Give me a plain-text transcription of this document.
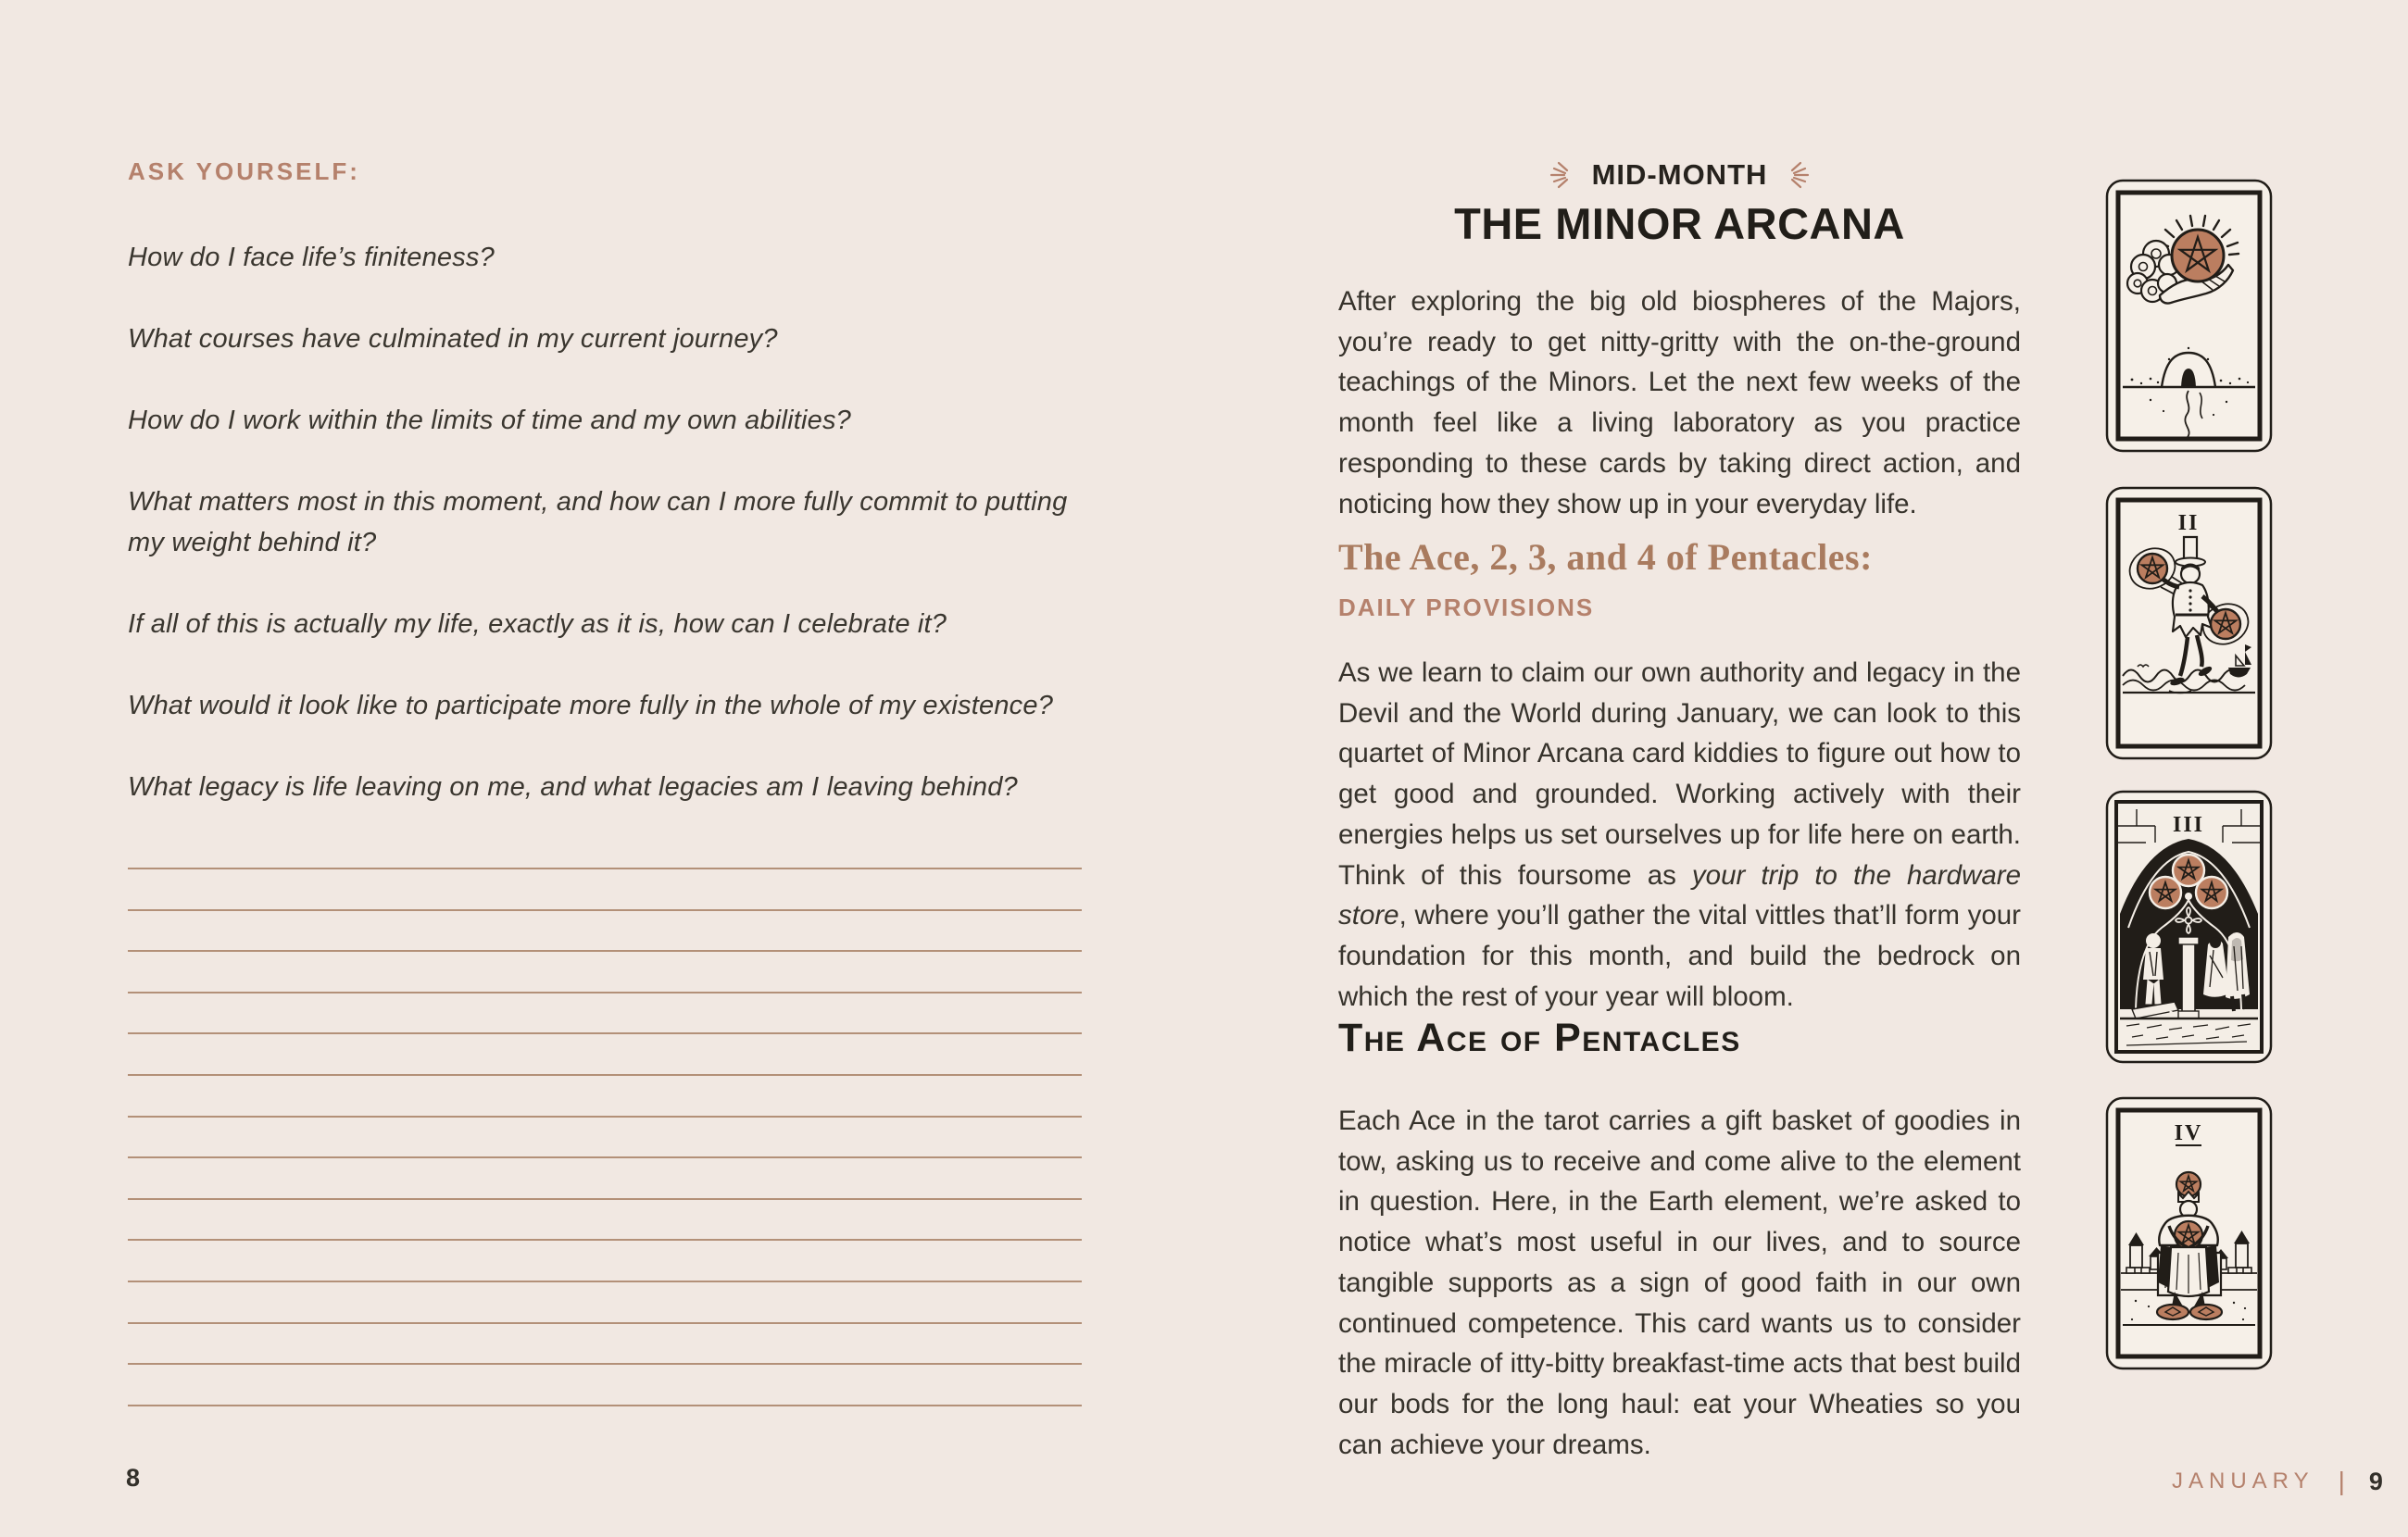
ASK YOURSELF:

How do I face life’s finiteness?

What courses have culminated in my current journey?

How do I work within the limits of time and my own abilities?

What matters most in this moment, and how can I more fully commit to putting my weight behind it?

If all of this is actually my life, exactly as it is, how can I celebrate it?

What would it look like to participate more fully in the whole of my existence?

What legacy is life leaving on me, and what legacies am I leaving behind?

8
MID-MONTH
THE MINOR ARCANA

After exploring the big old biospheres of the Majors, you’re ready to get nitty-gritty with the on-the-ground teachings of the Minors. Let the next few weeks of the month feel like a living laboratory as you practice responding to these cards by taking direct action, and noticing how they show up in your everyday life.

The Ace, 2, 3, and 4 of Pentacles:
DAILY PROVISIONS

As we learn to claim our own authority and legacy in the Devil and the World during January, we can look to this quartet of Minor Arcana card kiddies to figure out how to get good and grounded. Working actively with their energies helps us set ourselves up for life here on earth. Think of this foursome as your trip to the hardware store, where you’ll gather the vital vittles that’ll form your foundation for this month, and build the bedrock on which the rest of your year will bloom.

The Ace of Pentacles

Each Ace in the tarot carries a gift basket of goodies in tow, asking us to receive and come alive to the element in question. Here, in the Earth element, we’re asked to notice what’s most useful in our lives, and to source tangible supports as a sign of good faith in our own continued competence. This card wants us to consider the miracle of itty-bitty breakfast-time acts that best build our bods for the long haul: eat your Wheaties so you can achieve your dreams.

JANUARY | 9
II
III
IV
